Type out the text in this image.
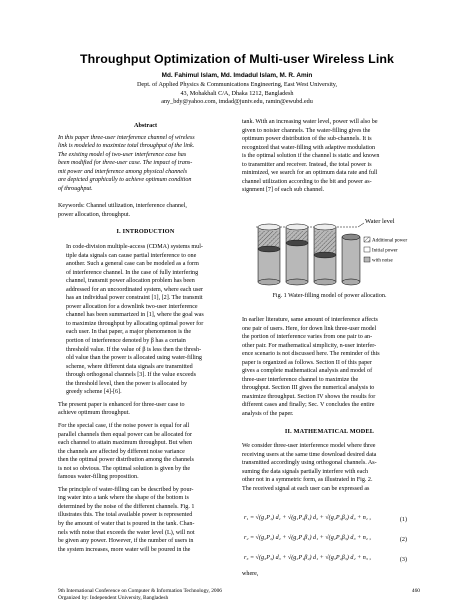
Throughput Optimization of Multi-user Wireless Link
Md. Fahimul Islam, Md. Imdadul Islam, M. R. Amin
Dept. of Applied Physics & Communications Engineering, East West University,
43, Mohakhali C/A, Dhaka 1212, Bangladesh
any_bdy@yahoo.com, imdad@juniv.edu, ramin@ewubd.edu
Abstract

In this paper three-user interference channel of wireless

link is modeled to maximize total throughput of the link.

The existing model of two-user interference case has

been modified for three-user case. The impact of trans-

mit power and interference among physical channels

are depicted graphically to achieve optimum condition

of throughput.

Keywords: Channel utilization, interference channel,

power allocation, throughput.

I. INTRODUCTION

In code-division multiple-access (CDMA) systems mul-

tiple data signals can cause partial interference to one

another. Such a general case can be modeled as a form

of interference channel. In the case of fully interfering

channel, transmit power allocation problem has been

addressed for an uncoordinated system, where each user

has an individual power constraint [1], [2]. The transmit

power allocation for a downlink two-user interference

channel has been summarized in [1], where the goal was

to maximize throughput by allocating optimal power for

each user. In that paper, a major phenomenon is the

portion of interference denoted by β has a certain

threshold value. If the value of β is less then the thresh-

old value than the power is allocated using water-filling

scheme, where different data signals are transmitted

through orthogonal channels [3]. If the value exceeds

the threshold level, then the power is allocated by

greedy scheme [4]-[6].

The present paper is enhanced for three-user case to

achieve optimum throughput.

For the special case, if the noise power is equal for all

parallel channels then equal power can be allocated for

each channel to attain maximum throughput. But when

the channels are affected by different noise variance

then the optimal power distribution among the channels

is not so obvious. The optimal solution is given by the

famous water-filling proposition.

The principle of water-filling can be described by pour-

ing water into a tank where the shape of the bottom is

determined by the noise of the different channels. Fig. 1

illustrates this. The total available power is represented

by the amount of water that is poured in the tank. Chan-

nels with noise that exceeds the water level (L), will not

be given any power. However, if the number of users in

the system increases, more water will be poured in the

tank. With an increasing water level, power will also be

given to noisier channels. The water-filling gives the

optimum power distribution of the sub-channels. It is

recognized that water-filling with adaptive modulation

is the optimal solution if the channel is static and known

to transmitter and receiver. Instead, the total power is

minimized, we search for an optimum data rate and full

channel utilization according to the bit and power as-

signment [7] of each sub channel.

Water level
Additional power
Initial power
with noise
Fig. 1 Water-filling model of power allocation.

In earlier literature, same amount of interference affects

one pair of users. Here, for down link three-user model

the portion of interference varies from one pair to an-

other pair. For mathematical simplicity, n-user interfer-

ence scenario is not discussed here. The reminder of this

paper is organized as follows. Section II of this paper

gives a complete mathematical analysis and model of

three-user interference channel to maximize the

throughput. Section III gives the numerical analysis to

maximize throughput. Section IV shows the results for

different cases and finally; Sec. V concludes the entire

analysis of the paper.

II. MATHEMATICAL MODEL

We consider three-user interference model where three

receiving users at the same time download desired data

transmitted accordingly using orthogonal channels. As-

suming the data signals partially interfere with each

other not in a symmetric form, as illustrated in Fig. 2.

The received signal at each user can be expressed as

r₁ = √(g₁P₁) d₁ + √(g₁P₂β₁) d₂ + √(g₁P₃β₂) d₃ + n₁ ,	(1)
r₂ = √(g₂P₂) d₂ + √(g₂P₁β₁) d₁ + √(g₂P₃β₃) d₃ + n₂ ,	(2)
r₃ = √(g₃P₃) d₃ + √(g₃P₁β₂) d₁ + √(g₃P₂β₃) d₂ + n₃ ,	(3)
where,
9th International Conference on Computer & Information Technology, 2006
Organized by: Independent University, Bangladesh
460
